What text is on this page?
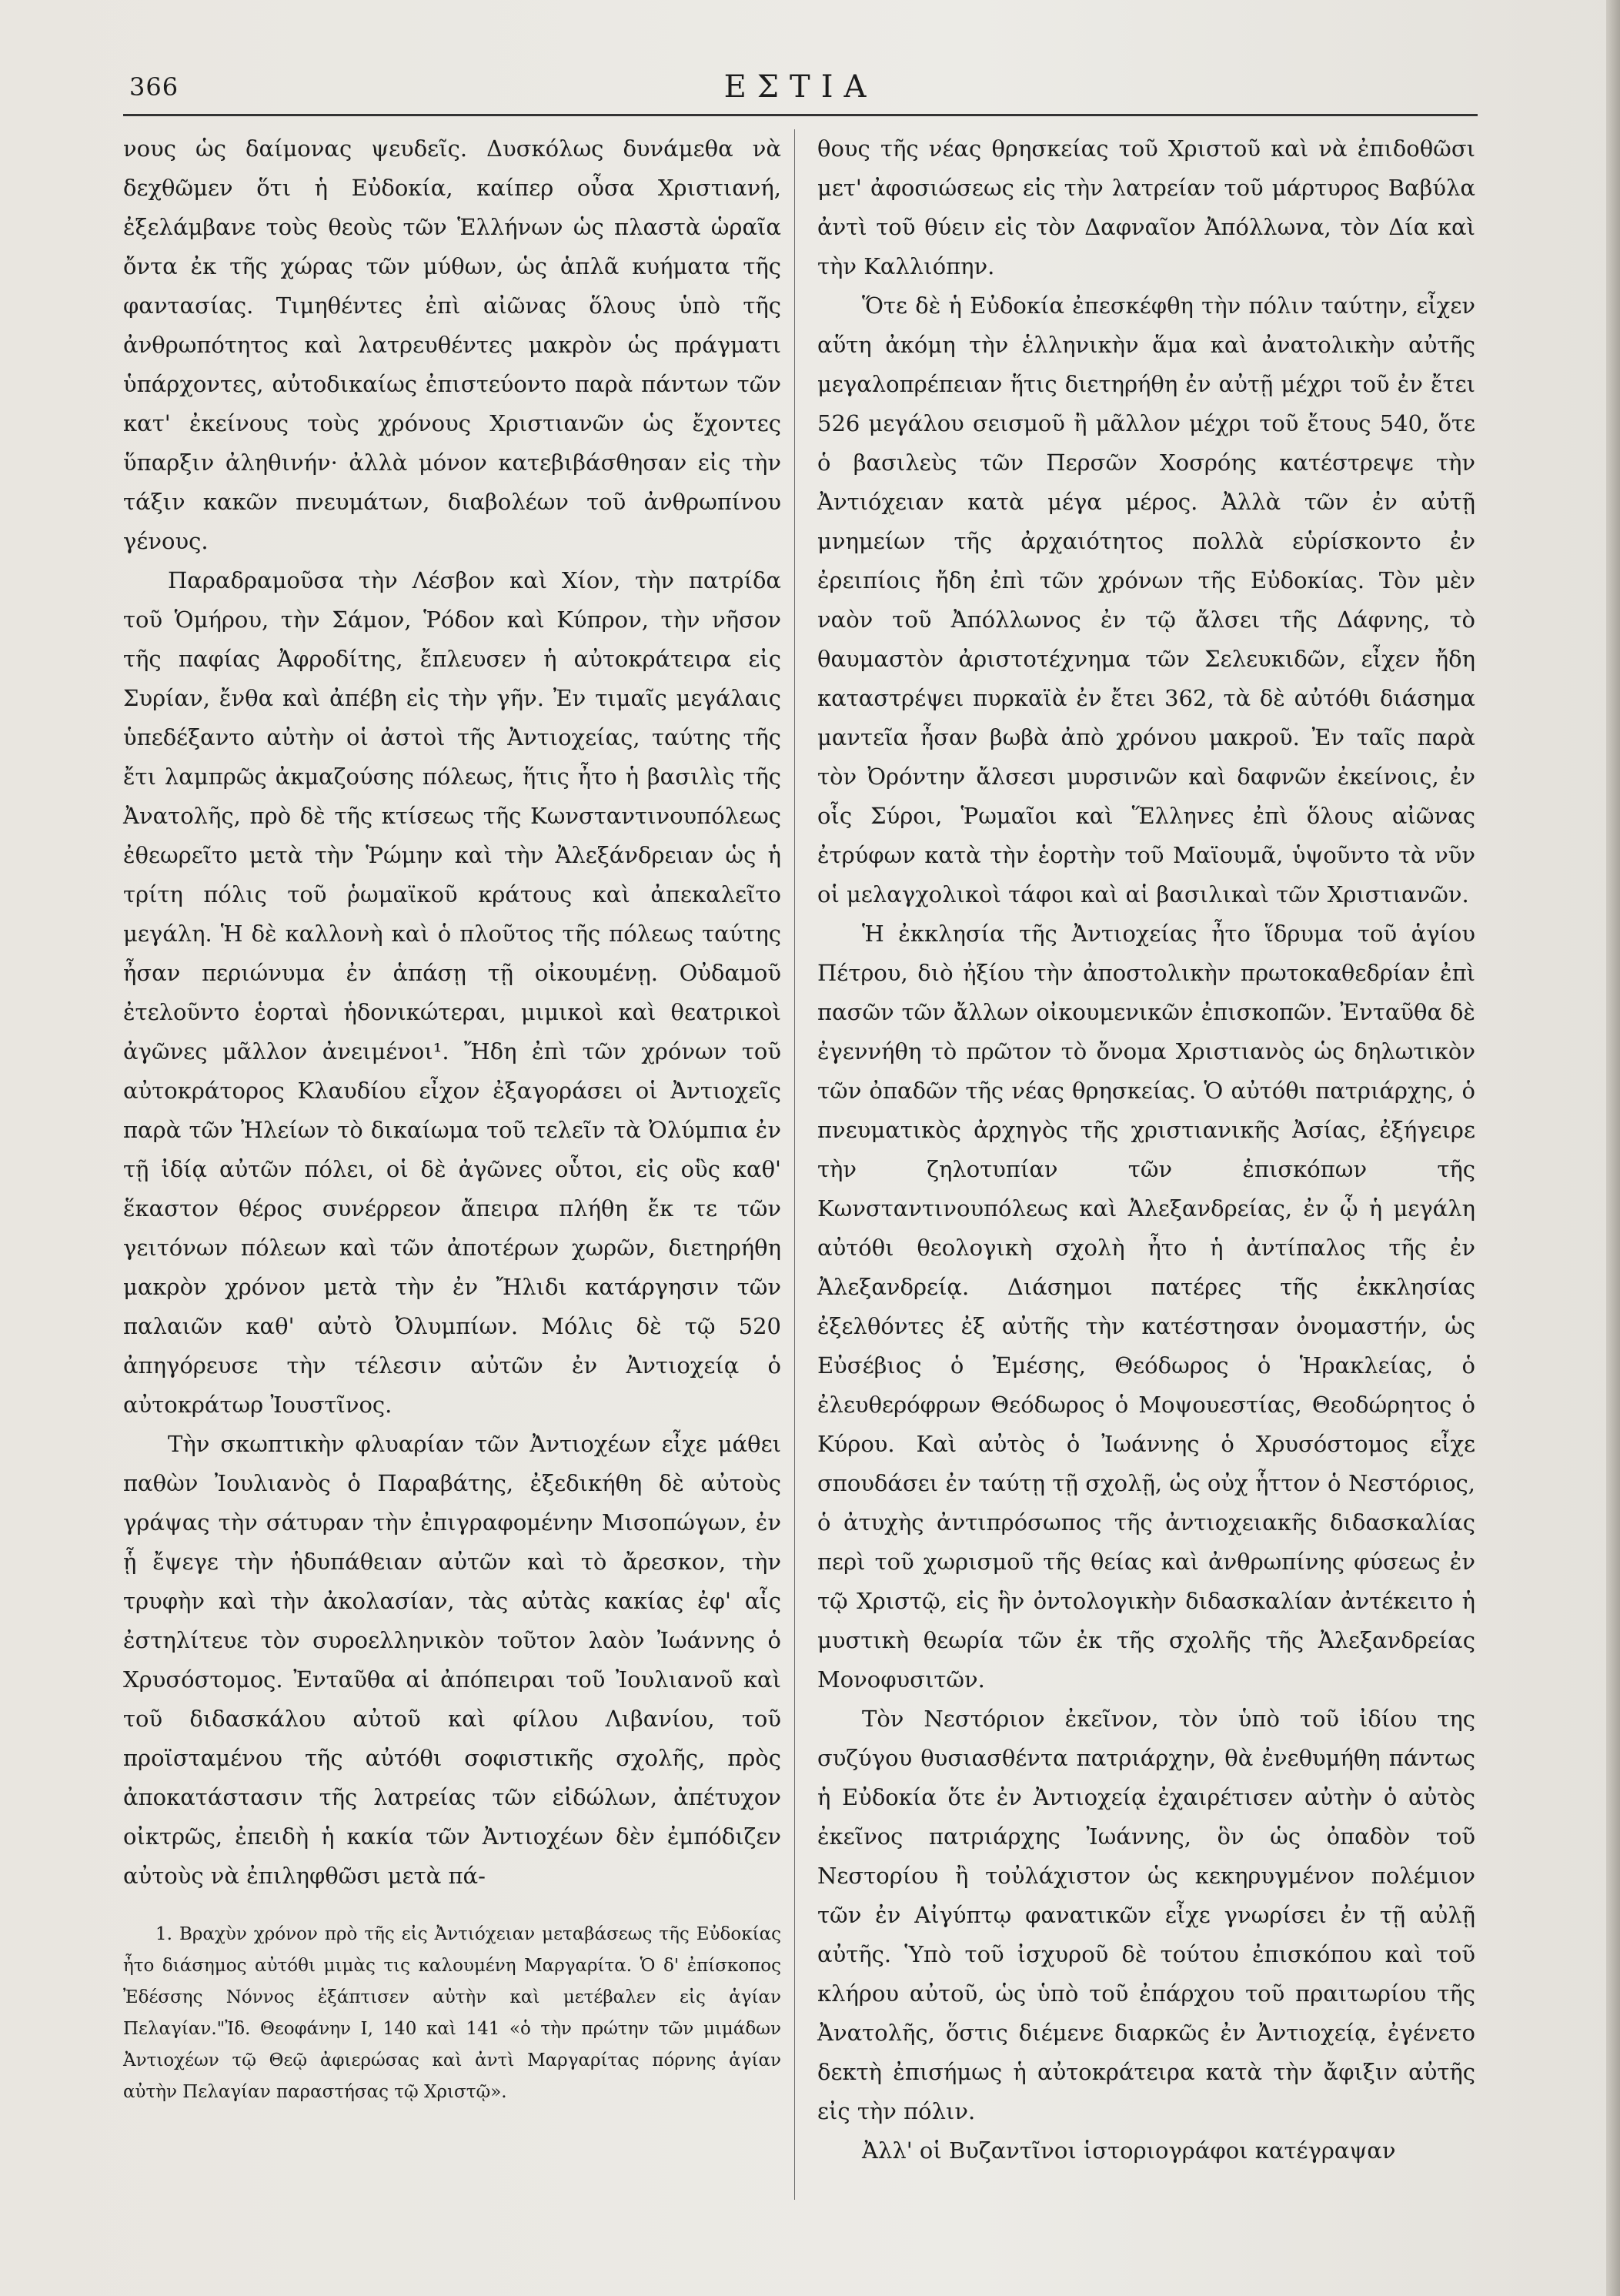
366	ΕΣΤΙΑ

νους ὡς δαίμονας ψευδεῖς. Δυσκόλως δυνάμεθα νὰ δεχθῶμεν ὅτι ἡ Εὐδοκία, καίπερ οὖσα Χριστιανή, ἐξελάμβανε τοὺς θεοὺς τῶν Ἑλλήνων ὡς πλαστὰ ὡραῖα ὄντα ἐκ τῆς χώρας τῶν μύθων, ὡς ἁπλᾶ κυήματα τῆς φαντασίας. Τιμηθέντες ἐπὶ αἰῶνας ὅλους ὑπὸ τῆς ἀνθρωπότητος καὶ λατρευθέντες μακρὸν ὡς πράγματι ὑπάρχοντες, αὐτοδικαίως ἐπιστεύοντο παρὰ πάντων τῶν κατ' ἐκείνους τοὺς χρόνους Χριστιανῶν ὡς ἔχοντες ὕπαρξιν ἀληθινήν· ἀλλὰ μόνον κατεβιβάσθησαν εἰς τὴν τάξιν κακῶν πνευμάτων, διαβολέων τοῦ ἀνθρωπίνου γένους.

Παραδραμοῦσα τὴν Λέσβον καὶ Χίον, τὴν πατρίδα τοῦ Ὁμήρου, τὴν Σάμον, Ῥόδον καὶ Κύπρον, τὴν νῆσον τῆς παφίας Ἀφροδίτης, ἔπλευσεν ἡ αὐτοκράτειρα εἰς Συρίαν, ἔνθα καὶ ἀπέβη εἰς τὴν γῆν. Ἐν τιμαῖς μεγάλαις ὑπεδέξαντο αὐτὴν οἱ ἀστοὶ τῆς Ἀντιοχείας, ταύτης τῆς ἔτι λαμπρῶς ἀκμαζούσης πόλεως, ἥτις ἦτο ἡ βασιλὶς τῆς Ἀνατολῆς, πρὸ δὲ τῆς κτίσεως τῆς Κωνσταντινουπόλεως ἐθεωρεῖτο μετὰ τὴν Ῥώμην καὶ τὴν Ἀλεξάνδρειαν ὡς ἡ τρίτη πόλις τοῦ ῥωμαϊκοῦ κράτους καὶ ἀπεκαλεῖτο μεγάλη. Ἡ δὲ καλλονὴ καὶ ὁ πλοῦτος τῆς πόλεως ταύτης ἦσαν περιώνυμα ἐν ἁπάσῃ τῇ οἰκουμένῃ. Οὐδαμοῦ ἐτελοῦντο ἑορταὶ ἡδονικώτεραι, μιμικοὶ καὶ θεατρικοὶ ἀγῶνες μᾶλλον ἀνειμένοι¹. Ἤδη ἐπὶ τῶν χρόνων τοῦ αὐτοκράτορος Κλαυδίου εἶχον ἐξαγοράσει οἱ Ἀντιοχεῖς παρὰ τῶν Ἠλείων τὸ δικαίωμα τοῦ τελεῖν τὰ Ὀλύμπια ἐν τῇ ἰδίᾳ αὐτῶν πόλει, οἱ δὲ ἀγῶνες οὗτοι, εἰς οὓς καθ' ἕκαστον θέρος συνέρρεον ἄπειρα πλήθη ἔκ τε τῶν γειτόνων πόλεων καὶ τῶν ἀποτέρων χωρῶν, διετηρήθη μακρὸν χρόνον μετὰ τὴν ἐν Ἤλιδι κατάργησιν τῶν παλαιῶν καθ' αὐτὸ Ὀλυμπίων. Μόλις δὲ τῷ 520 ἀπηγόρευσε τὴν τέλεσιν αὐτῶν ἐν Ἀντιοχείᾳ ὁ αὐτοκράτωρ Ἰουστῖνος.

Τὴν σκωπτικὴν φλυαρίαν τῶν Ἀντιοχέων εἶχε μάθει παθὼν Ἰουλιανὸς ὁ Παραβάτης, ἐξεδικήθη δὲ αὐτοὺς γράψας τὴν σάτυραν τὴν ἐπιγραφομένην Μισοπώγων, ἐν ᾗ ἔψεγε τὴν ἡδυπάθειαν αὐτῶν καὶ τὸ ἄρεσκον, τὴν τρυφὴν καὶ τὴν ἀκολασίαν, τὰς αὐτὰς κακίας ἐφ' αἷς ἐστηλίτευε τὸν συροελληνικὸν τοῦτον λαὸν Ἰωάννης ὁ Χρυσόστομος. Ἐνταῦθα αἱ ἀπόπειραι τοῦ Ἰουλιανοῦ καὶ τοῦ διδασκάλου αὐτοῦ καὶ φίλου Λιβανίου, τοῦ προϊσταμένου τῆς αὐτόθι σοφιστικῆς σχολῆς, πρὸς ἀποκατάστασιν τῆς λατρείας τῶν εἰδώλων, ἀπέτυχον οἰκτρῶς, ἐπειδὴ ἡ κακία τῶν Ἀντιοχέων δὲν ἐμπόδιζεν αὐτοὺς νὰ ἐπιληφθῶσι μετὰ πά-

1. Βραχὺν χρόνον πρὸ τῆς εἰς Ἀντιόχειαν μεταβάσεως τῆς Εὐδοκίας ἦτο διάσημος αὐτόθι μιμὰς τις καλουμένη Μαργαρίτα. Ὁ δ' ἐπίσκοπος Ἐδέσσης Νόννος ἐξάπτισεν αὐτὴν καὶ μετέβαλεν εἰς ἁγίαν Πελαγίαν."Ἰδ. Θεοφάνην I, 140 καὶ 141 «ὁ τὴν πρώτην τῶν μιμάδων Ἀντιοχέων τῷ Θεῷ ἀφιερώσας καὶ ἀντὶ Μαργαρίτας πόρνης ἁγίαν αὐτὴν Πελαγίαν παραστήσας τῷ Χριστῷ».

θους τῆς νέας θρησκείας τοῦ Χριστοῦ καὶ νὰ ἐπιδοθῶσι μετ' ἀφοσιώσεως εἰς τὴν λατρείαν τοῦ μάρτυρος Βαβύλα ἀντὶ τοῦ θύειν εἰς τὸν Δαφναῖον Ἀπόλλωνα, τὸν Δία καὶ τὴν Καλλιόπην.

Ὅτε δὲ ἡ Εὐδοκία ἐπεσκέφθη τὴν πόλιν ταύτην, εἶχεν αὕτη ἀκόμη τὴν ἑλληνικὴν ἅμα καὶ ἀνατολικὴν αὐτῆς μεγαλοπρέπειαν ἥτις διετηρήθη ἐν αὐτῇ μέχρι τοῦ ἐν ἔτει 526 μεγάλου σεισμοῦ ἢ μᾶλλον μέχρι τοῦ ἔτους 540, ὅτε ὁ βασιλεὺς τῶν Περσῶν Χοσρόης κατέστρεψε τὴν Ἀντιόχειαν κατὰ μέγα μέρος. Ἀλλὰ τῶν ἐν αὐτῇ μνημείων τῆς ἀρχαιότητος πολλὰ εὑρίσκοντο ἐν ἐρειπίοις ἤδη ἐπὶ τῶν χρόνων τῆς Εὐδοκίας. Τὸν μὲν ναὸν τοῦ Ἀπόλλωνος ἐν τῷ ἄλσει τῆς Δάφνης, τὸ θαυμαστὸν ἀριστοτέχνημα τῶν Σελευκιδῶν, εἶχεν ἤδη καταστρέψει πυρκαϊὰ ἐν ἔτει 362, τὰ δὲ αὐτόθι διάσημα μαντεῖα ἦσαν βωβὰ ἀπὸ χρόνου μακροῦ. Ἐν ταῖς παρὰ τὸν Ὀρόντην ἄλσεσι μυρσινῶν καὶ δαφνῶν ἐκείνοις, ἐν οἷς Σύροι, Ῥωμαῖοι καὶ Ἕλληνες ἐπὶ ὅλους αἰῶνας ἐτρύφων κατὰ τὴν ἑορτὴν τοῦ Μαϊουμᾶ, ὑψοῦντο τὰ νῦν οἱ μελαγχολικοὶ τάφοι καὶ αἱ βασιλικαὶ τῶν Χριστιανῶν.

Ἡ ἐκκλησία τῆς Ἀντιοχείας ἦτο ἵδρυμα τοῦ ἁγίου Πέτρου, διὸ ἠξίου τὴν ἀποστολικὴν πρωτοκαθεδρίαν ἐπὶ πασῶν τῶν ἄλλων οἰκουμενικῶν ἐπισκοπῶν. Ἐνταῦθα δὲ ἐγεννήθη τὸ πρῶτον τὸ ὄνομα Χριστιανὸς ὡς δηλωτικὸν τῶν ὀπαδῶν τῆς νέας θρησκείας. Ὁ αὐτόθι πατριάρχης, ὁ πνευματικὸς ἀρχηγὸς τῆς χριστιανικῆς Ἀσίας, ἐξήγειρε τὴν ζηλοτυπίαν τῶν ἐπισκόπων τῆς Κωνσταντινουπόλεως καὶ Ἀλεξανδρείας, ἐν ᾧ ἡ μεγάλη αὐτόθι θεολογικὴ σχολὴ ἦτο ἡ ἀντίπαλος τῆς ἐν Ἀλεξανδρείᾳ. Διάσημοι πατέρες τῆς ἐκκλησίας ἐξελθόντες ἐξ αὐτῆς τὴν κατέστησαν ὀνομαστήν, ὡς Εὐσέβιος ὁ Ἐμέσης, Θεόδωρος ὁ Ἡρακλείας, ὁ ἐλευθερόφρων Θεόδωρος ὁ Μοψουεστίας, Θεοδώρητος ὁ Κύρου. Καὶ αὐτὸς ὁ Ἰωάννης ὁ Χρυσόστομος εἶχε σπουδάσει ἐν ταύτῃ τῇ σχολῇ, ὡς οὐχ ἧττον ὁ Νεστόριος, ὁ ἀτυχὴς ἀντιπρόσωπος τῆς ἀντιοχειακῆς διδασκαλίας περὶ τοῦ χωρισμοῦ τῆς θείας καὶ ἀνθρωπίνης φύσεως ἐν τῷ Χριστῷ, εἰς ἣν ὀντολογικὴν διδασκαλίαν ἀντέκειτο ἡ μυστικὴ θεωρία τῶν ἐκ τῆς σχολῆς τῆς Ἀλεξανδρείας Μονοφυσιτῶν.

Τὸν Νεστόριον ἐκεῖνον, τὸν ὑπὸ τοῦ ἰδίου της συζύγου θυσιασθέντα πατριάρχην, θὰ ἐνεθυμήθη πάντως ἡ Εὐδοκία ὅτε ἐν Ἀντιοχείᾳ ἐχαιρέτισεν αὐτὴν ὁ αὐτὸς ἐκεῖνος πατριάρχης Ἰωάννης, ὃν ὡς ὀπαδὸν τοῦ Νεστορίου ἢ τοὐλάχιστον ὡς κεκηρυγμένον πολέμιον τῶν ἐν Αἰγύπτῳ φανατικῶν εἶχε γνωρίσει ἐν τῇ αὐλῇ αὐτῆς. Ὑπὸ τοῦ ἰσχυροῦ δὲ τούτου ἐπισκόπου καὶ τοῦ κλήρου αὐτοῦ, ὡς ὑπὸ τοῦ ἐπάρχου τοῦ πραιτωρίου τῆς Ἀνατολῆς, ὅστις διέμενε διαρκῶς ἐν Ἀντιοχείᾳ, ἐγένετο δεκτὴ ἐπισήμως ἡ αὐτοκράτειρα κατὰ τὴν ἄφιξιν αὐτῆς εἰς τὴν πόλιν.

Ἀλλ' οἱ Βυζαντῖνοι ἱστοριογράφοι κατέγραψαν
